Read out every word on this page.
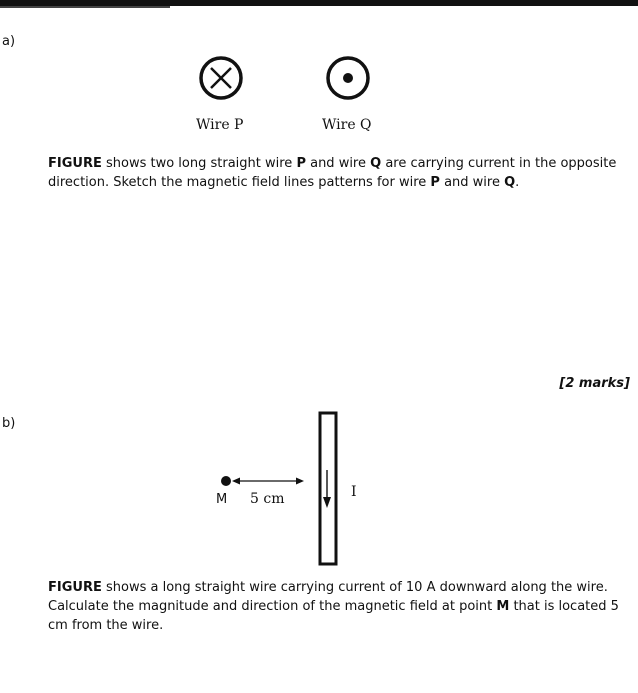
a)
Wire P	Wire Q
FIGURE shows two long straight wire P and wire Q are carrying current in the opposite direction. Sketch the magnetic field lines patterns for wire P and wire Q.
[2 marks]
b)
M 5 cm	I
FIGURE shows a long straight wire carrying current of 10 A downward along the wire. Calculate the magnitude and direction of the magnetic field at point M that is located 5 cm from the wire.
